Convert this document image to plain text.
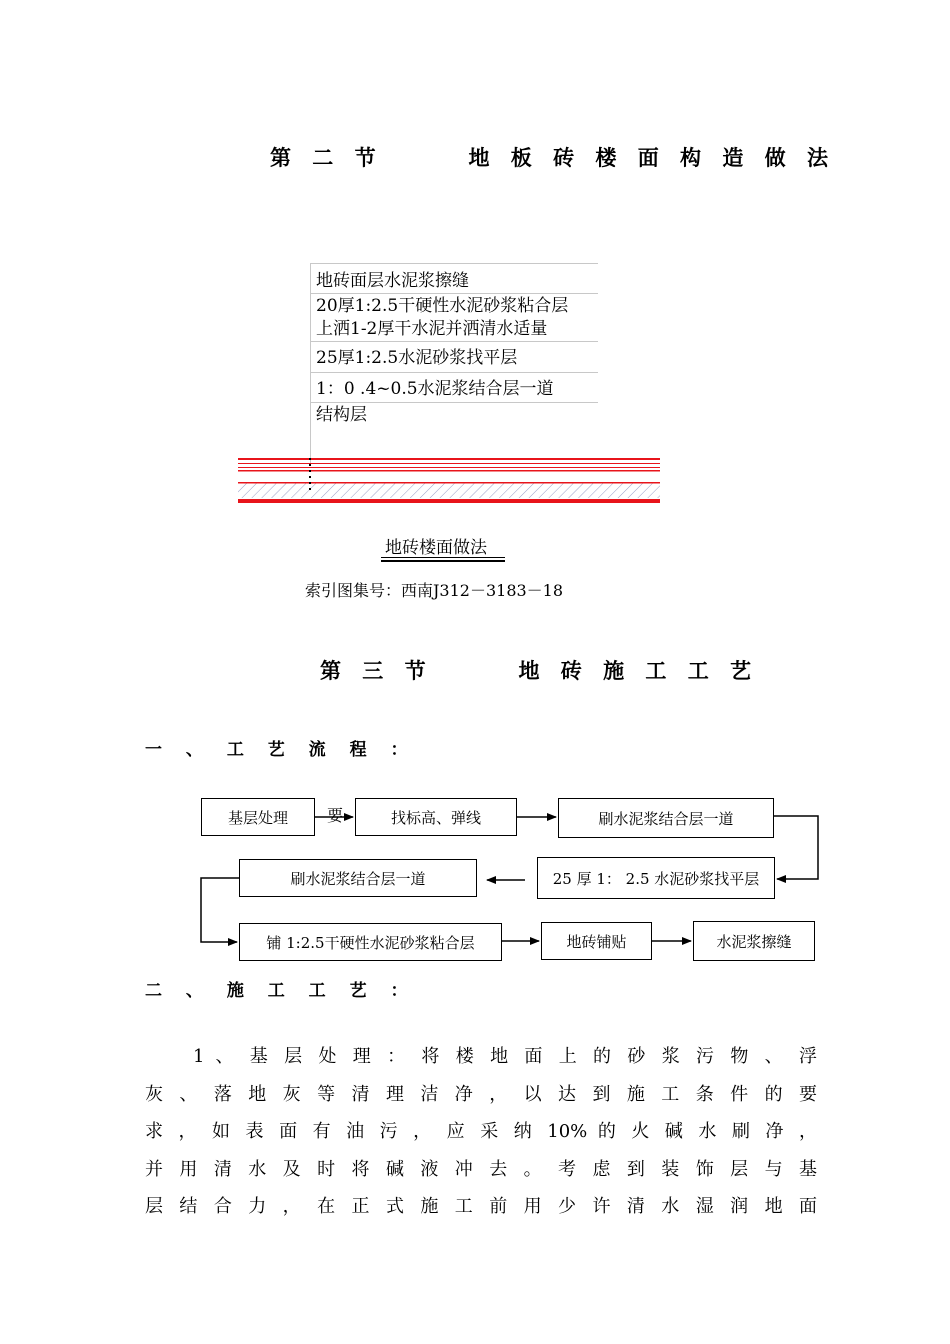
第 二 节      地 板 砖 楼 面 构 造 做 法
地砖面层水泥浆擦缝
20厚1:2.5干硬性水泥砂浆粘合层
上洒1-2厚干水泥并洒清水适量
25厚1:2.5水泥砂浆找平层
1：0 .4~0.5水泥浆结合层一道
结构层
地砖楼面做法
索引图集号：西南J312－3183－18
第 三 节      地 砖 施 工 工 艺
一 、 工 艺 流 程 ：
基层处理	要	找标高、弹线	刷水泥浆结合层一道
25 厚 1： 2.5 水泥砂浆找平层
刷水泥浆结合层一道
铺 1:2.5干硬性水泥砂浆粘合层	地砖铺贴	水泥浆擦缝
二 、 施 工 工 艺 ：
1 、 基 层 处 理 ： 将 楼 地 面 上 的 砂 浆 污 物 、 浮
灰 、 落 地 灰 等 清 理 洁 净 ， 以 达 到 施 工 条 件 的 要
求 ， 如 表 面 有 油 污 ， 应 采 纳 10% 的 火 碱 水 刷 净 ，
并 用 清 水 及 时 将 碱 液 冲 去 。 考 虑 到 装 饰 层 与 基
层 结 合 力 ， 在 正 式 施 工 前 用 少 许 清 水 湿 润 地 面
